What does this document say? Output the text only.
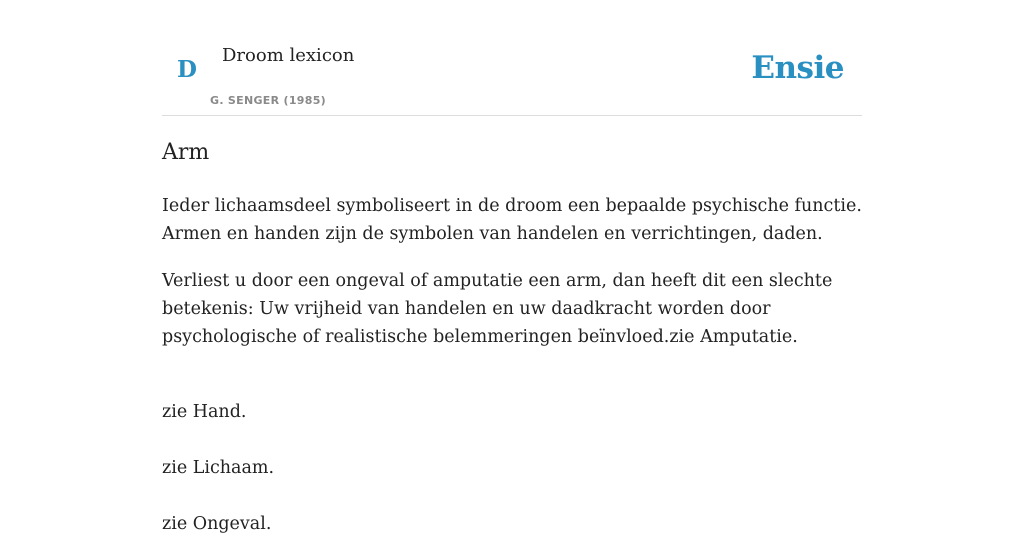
D
Droom lexicon
G. SENGER (1985)
Ensie
Arm

Ieder lichaamsdeel symboliseert in de droom een bepaalde psychische functie. Armen en handen zijn de symbolen van handelen en verrichtingen, daden.

Verliest u door een ongeval of amputatie een arm, dan heeft dit een slechte betekenis: Uw vrijheid van handelen en uw daadkracht worden door psychologische of realistische belemmeringen beïnvloed.zie Amputatie.

zie Hand.
zie Lichaam.
zie Ongeval.
